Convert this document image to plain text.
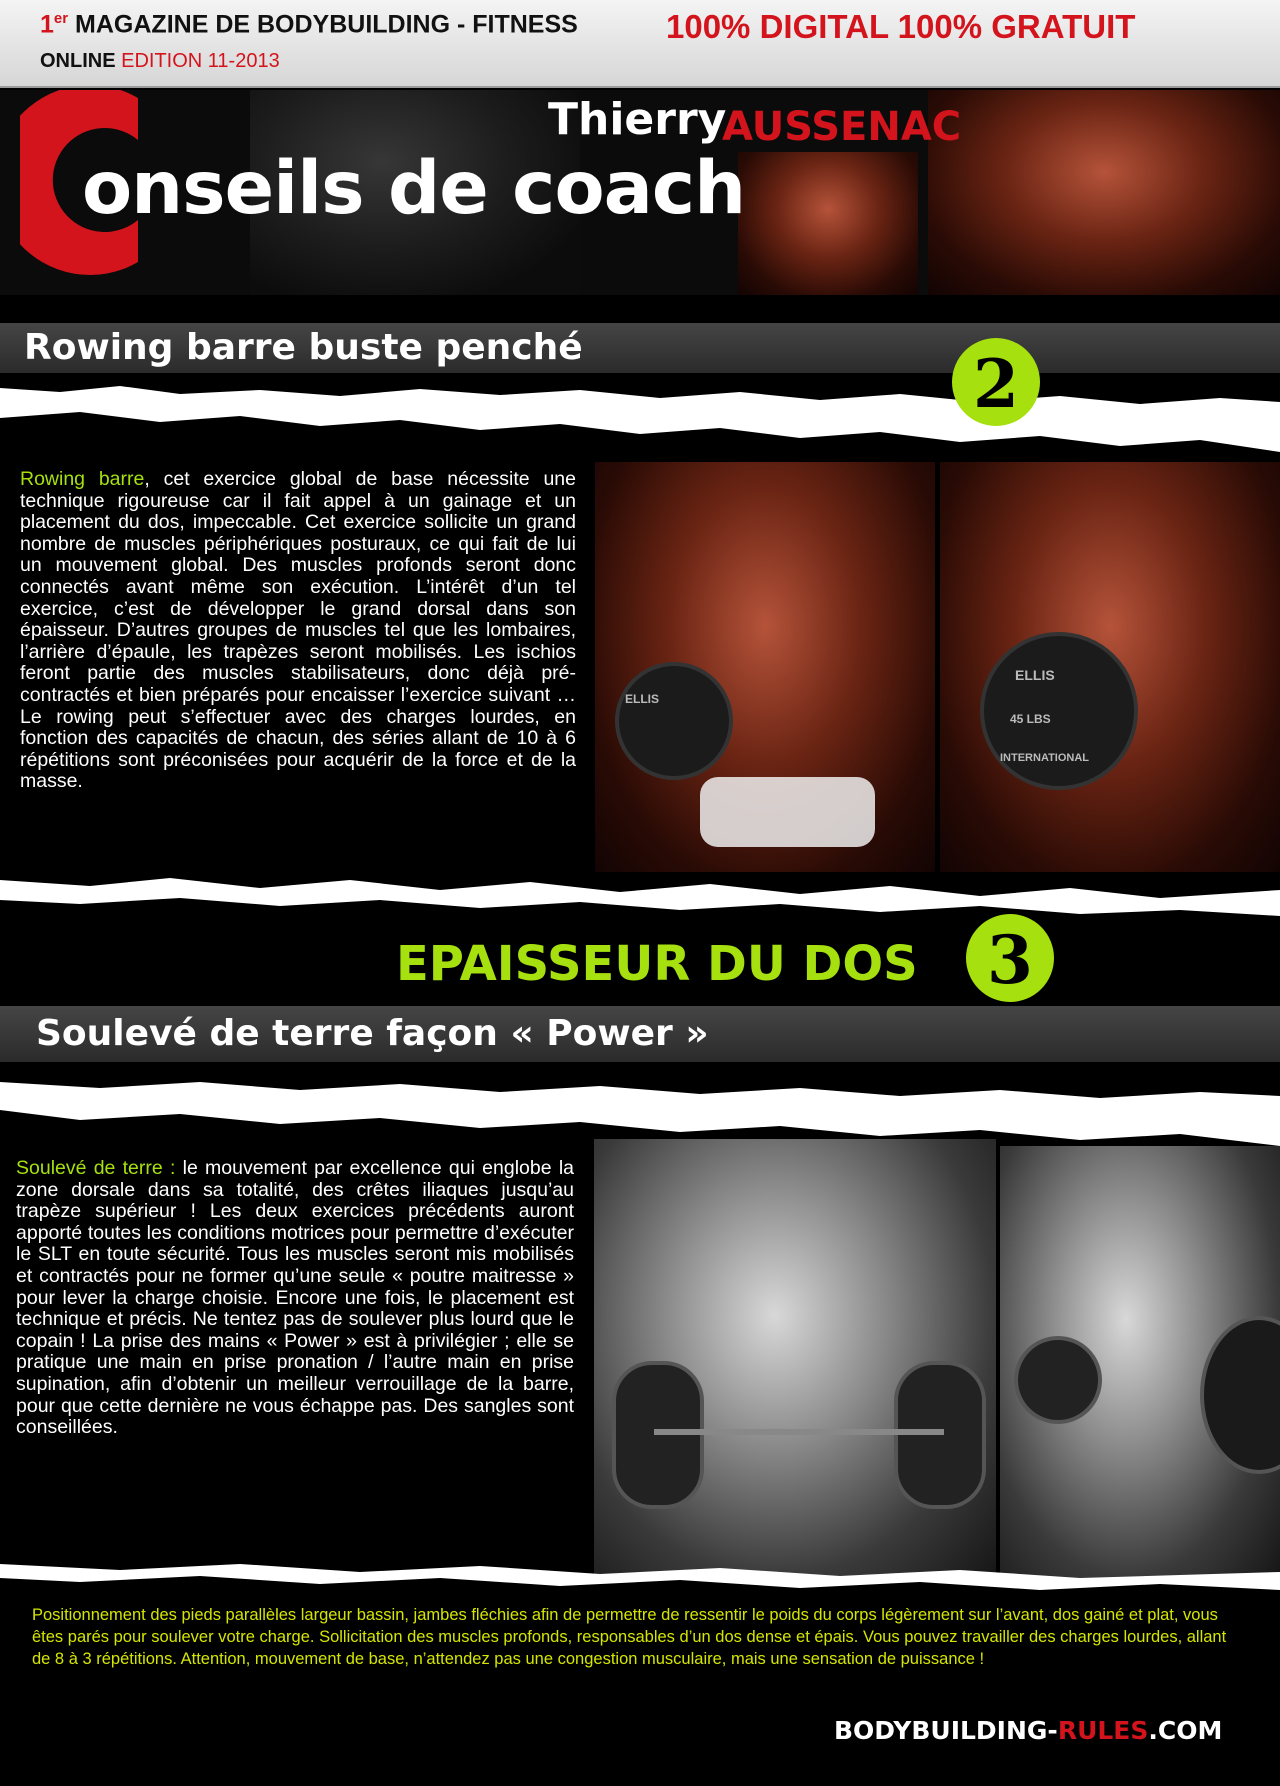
1er MAGAZINE DE BODYBUILDING - FITNESS	100% DIGITAL 100% GRATUIT
ONLINE EDITION 11-2013
onseils de coach
Thierry
AUSSENAC
Rowing barre buste penché	2

Rowing barre, cet exercice global de base nécessite une technique rigoureuse car il fait appel à un gainage et un placement du dos, impeccable. Cet exercice sollicite un grand nombre de muscles périphériques posturaux, ce qui fait de lui un mouvement global. Des muscles profonds seront donc connectés avant même son exécution. L’intérêt d’un tel exercice, c’est de développer le grand dorsal dans son épaisseur. D’autres groupes de muscles tel que les lombaires, l’arrière d’épaule, les trapèzes seront mobilisés. Les ischios feront partie des muscles stabilisateurs, donc déjà pré-contractés et bien préparés pour encaisser l’exercice suivant … Le rowing peut s’effectuer avec des charges lourdes, en fonction des capacités de chacun, des séries allant de 10 à 6 répétitions sont préconisées pour acquérir de la force et de la masse.

ELLIS
ELLIS
45 LBS
INTERNATIONAL
EPAISSEUR DU DOS	3
Soulevé de terre façon « Power »

Soulevé de terre : le mouvement par excellence qui englobe la zone dorsale dans sa totalité, des crêtes iliaques jusqu’au trapèze supérieur ! Les deux exercices précédents auront apporté toutes les conditions motrices pour permettre d’exécuter le SLT en toute sécurité. Tous les muscles seront mis mobilisés et contractés pour ne former qu’une seule « poutre maitresse » pour lever la charge choisie. Encore une fois, le placement est technique et précis. Ne tentez pas de soulever plus lourd que le copain ! La prise des mains « Power » est à privilégier ; elle se pratique une main en prise pronation / l’autre main en prise supination, afin d’obtenir un meilleur verrouillage de la barre, pour que cette dernière ne vous échappe pas. Des sangles sont conseillées.

Positionnement des pieds parallèles largeur bassin, jambes fléchies afin de permettre de ressentir le poids du corps légèrement sur l’avant, dos gainé et plat, vous êtes parés pour soulever votre charge. Sollicitation des muscles profonds, responsables d’un dos dense et épais. Vous pouvez travailler des charges lourdes, allant de 8 à 3 répétitions. Attention, mouvement de base, n’attendez pas une congestion musculaire, mais une sensation de puissance !

BODYBUILDING-RULES.COM
